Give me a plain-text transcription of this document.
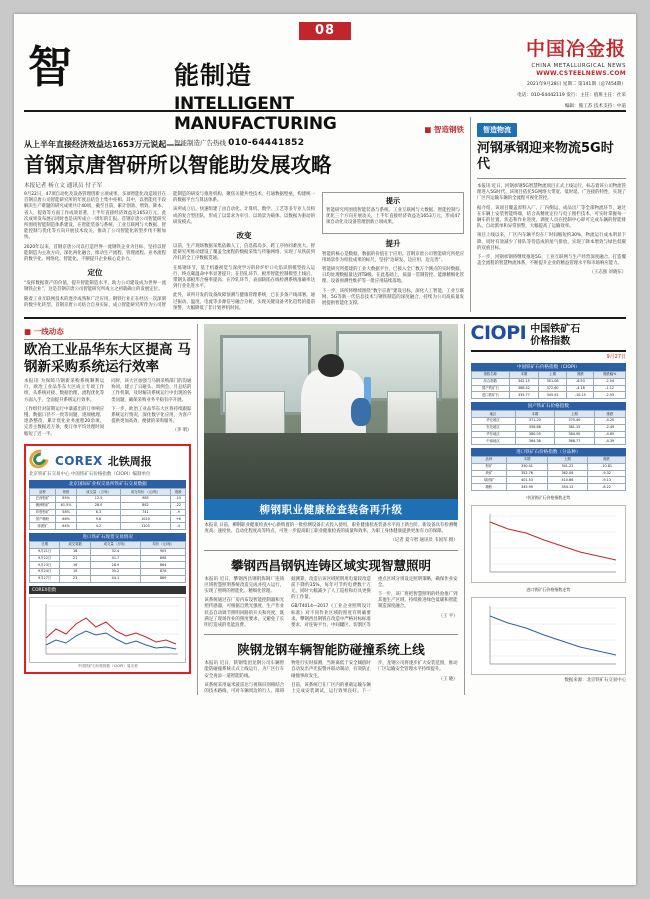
08
智	能制造
INTELLIGENT MANUFACTURING
智能制造广告热线 010-64441852
中国冶金报
CHINA METALLURGICAL NEWS
WWW.CSTEELNEWS.COM
2021年9月28日 星期二 第141期（总7454期）
电话：010-64442119 发行：主任：值班主任：社采
编辑：熊工苏 技术支持：中道
■ 智造钢铁
从上半年直接经济效益达1653万元说起——
首钢京唐智研所以智能助发展攻略
本报记者 杨立文 通讯员 付子军

9月22日，47项自动化及设备管理创新立项成果、多项智能化改造项目在首钢京唐公司智能研究所的年度总结会上集中亮相。其中，以智能化手段解决生产难题的研究成果共计40项，截至目前，累计创效、增效、降本、省人、提效等方面工作成效显著，上半年直接经济效益达1653万元。此次成果发布展示同时也是该所成立一周年的汇报。首钢京唐公司智能研究所围绕智能制造体系建设，在智能装备与系统、工业互联网与大数据、智能控制与优化等方向开展技术攻关，推动了公司智能化转型步伐不断加快。

2020年以来，首钢京唐公司以打造世界一流钢铁企业为目标，坚持以智能制造为主攻方向，深化两化融合，推动生产流程、管理流程、业务流程的数字化、网络化、智能化，不断提升企业核心竞争力。

定位

“发挥数据资产的价值，提升智能制造水平，助力公司建设成为世界一流钢铁企业”，这是首钢京唐公司智能研究所成立之初就确立的发展定位。

随着工业互联网技术的逐步成熟和广泛应用，钢铁行业正在经历一次深刻的数字化转型。首钢京唐公司结合自身实际，成立智能研究所作为公司智能制造的研发与推进机构，聚焦关键共性技术，打通数据壁垒，构建统一的数据平台与算法体系。

该所成立后，快速组建了由自动化、计算机、数学、工艺等多专业人员构成的复合型团队，形成了以需求为牵引、以场景为载体、以数据为驱动的研发模式。

改变

以前，生产现场数据采集依赖人工，信息孤岛多，跨工序协同难度大。智能研究所推动建设了覆盖全流程的数据采集与传输网络，实现了从铁前到冷轧的全工序数据贯通。

在炼钢环节，基于机器视觉与深度学习的转炉炉口火焰识别模型投入运行，终点碳温命中率显著提升；在热轧环节，板形智能控制模型上线后，带钢头部板形合格率提高；在冷轧环节，表面缺陷在线检测系统准确率达到行业先进水平。

此外，该所开发的设备故障预测与健康管理系统，已在多条产线部署，通过振动、温度、电流等多源信号融合分析，实现关键设备劣化趋势的提前预警，大幅降低了非计划停机时间。

提示

智能研究所围绕智能装备与系统、工业互联网与大数据、智能控制与优化三个方向开展攻关，上半年直接经济效益达1653万元，形成47项自动化及设备管理创新立项成果。

提升

智能的核心是数据，数据的价值在于应用。首钢京唐公司智能研究所把应用场景作为检验成果的标尺，坚持“边研发、边应用、边完善”。

智能研究所搭建的工业大数据平台，已接入全厂数万个测点的实时数据，日均处理数据量达到TB级。在此基础上，质量一贯制管控、能源精细化管理、设备预测性维护等一批应用陆续落地。

下一步，该所将继续围绕“数字京唐”建设目标，深化人工智能、工业互联网、5G等新一代信息技术与钢铁制造的深度融合，持续为公司高质量发展提供智能化支撑。

智造物流
河钢承钢迎来物流5G时代

本报讯 近日，河钢承钢5G智慧物流项目正式上线运行，标志着该公司物流管理进入5G时代。该项目依托5G网络大带宽、低时延、广连接的特性，实现了厂区内运输车辆的全流程可视化管控。

据介绍，该项目覆盖原料入厂、厂内倒运、成品出厂等全部物流环节，通过在车辆上安装智能终端，结合高精度定位与电子围栏技术，可实时掌握每一辆车的位置、状态和作业进度。调度人员在控制中心即可完成车辆的智能排队、自动派单和异常预警，大幅提高了运输效率。

项目上线以来，厂区内车辆平均在厂时间缩短约30%，物流运行成本明显下降，同时有效减少了排队等待造成的尾气排放，实现了降本增效与绿色低碳的双重目标。

下一步，河钢承钢将继续推进5G、工业互联网与生产经营深度融合，打造覆盖全流程的智慧物流体系，不断提升企业的精益管理水平和市场响应能力。

（王志强 刘晓东）

■ 一线动态
欧冶工业品华东大区提高 马钢新采购系统运行效率

本报讯 为保障马钢新采购系统顺利运行，欧冶工业品华东大区成立专项工作组，从系统对接、数据治理、流程优化等方面入手，全面提升系统运行效率。

工作组针对前期运行中暴露出的订单响应慢、数据口径不一致等问题，逐项梳理、逐条整改，累计优化业务流程20余项，完善主数据近万条，使订单平均处理时间缩短了近一半。

同时，该大区加强与马钢采购部门的沟通协同，建立了日碰头、周例会、月总结的工作机制，及时解决系统运行中出现的各类问题，确保采购业务平稳有序开展。

下一步，欧冶工业品华东大区将持续跟踪系统运行情况，深化数字化应用，为客户提供更加高效、便捷的采购服务。

（李 明）

COREX 北铁周报
北京铁矿石交易中心 中国铁矿石价格指数（CIOPI）编制单位
北京国际矿业权交易所铁矿石交易数据
品种	规格	成交量 （万吨）	成交均价 （元/吨）	涨跌
巴西粉矿	65%	12.5	985	-15
澳洲粉矿	61.5%	28.0	862	-22
印度粉矿	58%	6.3	741	-9
国产精粉	66%	9.8	1020	+6
球团矿	64%	4.2	1105	-4
进口铁矿石现货交易情况
日期	成交笔数	成交量（万吨）	均价（元/吨）
9月21日	18	32.4	905
9月22日	21	41.7	898
9月23日	16	28.9	884
9月24日	19	35.2	876
9月27日	23	44.1	869
COREX指数
中国铁矿石价格指数（CIOPI）周走势
柳钢职业健康检查装备再升级

本报讯 日前，柳钢职业健康检查中心新购置的一批检测设备正式投入使用，职业健康检查装备水平再上新台阶。新设备具有检测精度高、速度快、自动化程度高等特点，可进一步提高职工职业健康检查的质量和效率，为职工身体健康提供更加有力的保障。

（记者 夏守智 通讯员 韦国军 摄）

攀钢西昌钢钒连铸区域实现智慧照明

本报讯 近日，攀钢西昌钢钒炼钢厂连铸区域智慧照明系统改造完成并投入运行，实现了照明的智能化、精细化管理。

该系统通过在厂房内布设智能控制器和光照传感器，可根据自然光强度、生产作业状态自动调节照明回路的开关和亮度，既满足了现场作业的照度要求，又避免了长明灯造成的电能浪费。

据测算，改造后该区域照明用电量较改造前下降约35%，每年可节约电费数十万元，同时大幅减少了人工巡检和灯具更换的工作量。

GB/T4014—2017《工业企业照明设计标准》对不同作业区域的照度有明确要求。攀钢西昌钢钒在改造中严格对标标准要求，对连铸平台、中间罐区、切割区等重点区域分别设定照明策略，确保作业安全。

下一步，该厂将把智慧照明的经验推广到其他生产区域，持续推进绿色低碳和智能制造深度融合。

（王 平）

陕钢龙钢车辆智能防碰撞系统上线

本报讯 近日，陕钢集团龙钢公司车辆智能防碰撞系统正式上线运行，为厂区行车安全再添一道智能防线。

该系统采用毫米波雷达与视频识别相结合的技术路线，可对车辆周边的行人、障碍物进行实时探测，当距离低于安全阈值时自动发出声光报警并联动制动，有效防止碰撞事故发生。

目前，该系统已在厂区内的重载运输车辆上完成安装调试，运行效果良好。下一步，龙钢公司将逐步扩大安装范围，推动厂区运输安全管理水平持续提升。

（王 晓）

CIOPI 中国铁矿石
价格指数
9月27日
中国铁矿石价格指数（CIOPI）
指数名称	本期	上期	涨跌	涨跌幅%
综合指数	342.15	351.08	-8.93	-2.54
国产铁矿石	368.42	372.60	-4.18	-1.12
进口铁矿石	335.77	345.92	-10.15	-2.93
国产铁矿石价格指数
地区	本期	上期	涨跌
华北地区	371.20	375.40	-4.20
东北地区	358.66	361.15	-2.49
华东地区	380.05	384.90	-4.85
中南地区	364.38	368.77	-4.39
进口铁矿石价格指数（分品种）
品种	本期	上期	涨跌
粉矿	330.41	341.22	-10.81
块矿	352.76	362.08	-9.32
球团矿	401.53	410.66	-9.13
精粉	345.90	354.12	-8.22
中国铁矿石价格指数走势
进口铁矿石价格指数走势
数据来源：北京铁矿石交易中心
